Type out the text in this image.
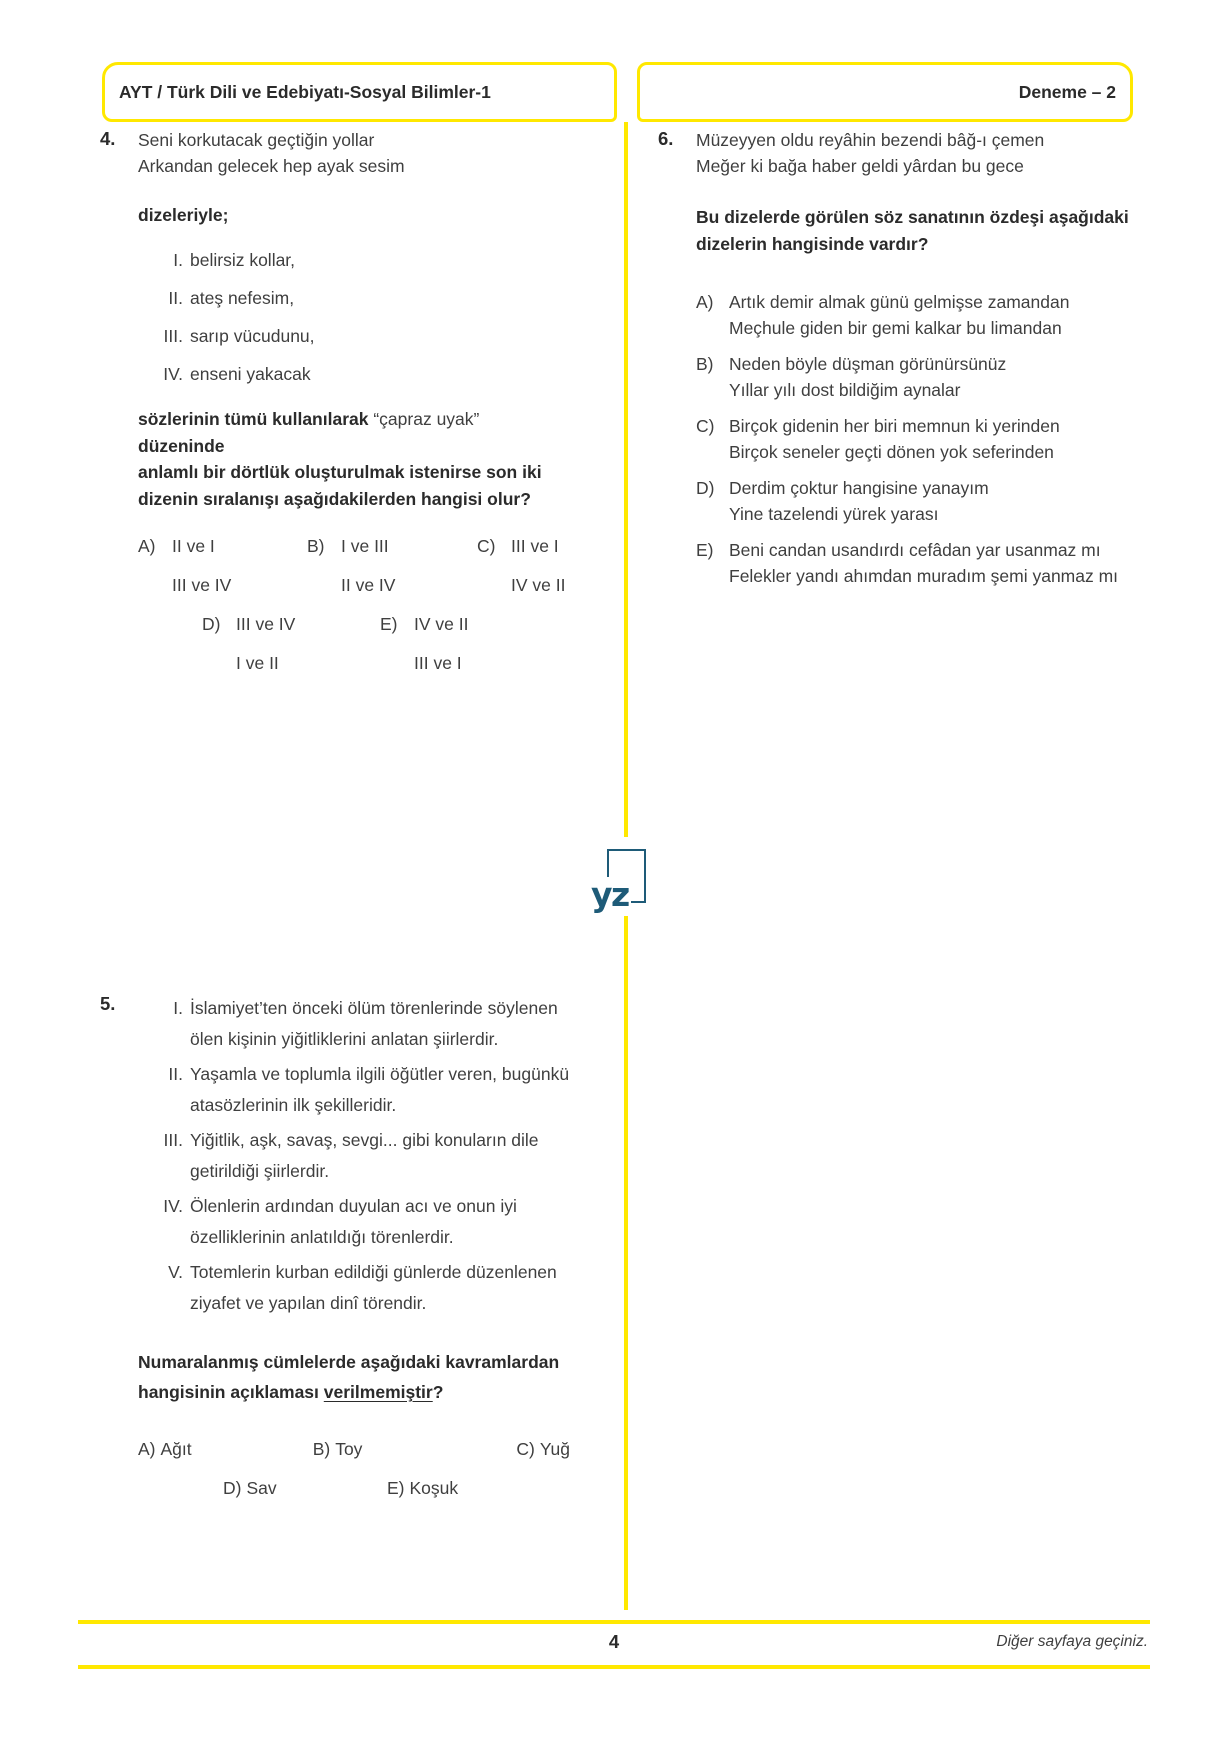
AYT / Türk Dili ve Edebiyatı-Sosyal Bilimler-1	Deneme – 2
yz
4.	Seni korkutacak geçtiğin yollar
Arkandan gelecek hep ayak sesim
dizeleriyle;
I. belirsiz kollar,
II. ateş nefesim,
III. sarıp vücudunu,
IV. enseni yakacak
sözlerinin tümü kullanılarak “çapraz uyak” düzeninde
anlamlı bir dörtlük oluşturulmak istenirse son iki
dizenin sıralanışı aşağıdakilerden hangisi olur?
A) II ve I
III ve IV
B) I ve III
II ve IV
C) III ve I
IV ve II
D) III ve IV
I ve II
E) IV ve II
III ve I
6.	Müzeyyen oldu reyâhin bezendi bâğ-ı çemen
Meğer ki bağa haber geldi yârdan bu gece
Bu dizelerde görülen söz sanatının özdeşi aşağıdaki
dizelerin hangisinde vardır?
A) Artık demir almak günü gelmişse zamandan
Meçhule giden bir gemi kalkar bu limandan
B) Neden böyle düşman görünürsünüz
Yıllar yılı dost bildiğim aynalar
C) Birçok gidenin her biri memnun ki yerinden
Birçok seneler geçti dönen yok seferinden
D) Derdim çoktur hangisine yanayım
Yine tazelendi yürek yarası
E) Beni candan usandırdı cefâdan yar usanmaz mı
Felekler yandı ahımdan muradım şemi yanmaz mı
5.	I. İslamiyet’ten önceki ölüm törenlerinde söylenen
ölen kişinin yiğitliklerini anlatan şiirlerdir.
II. Yaşamla ve toplumla ilgili öğütler veren, bugünkü
atasözlerinin ilk şekilleridir.
III. Yiğitlik, aşk, savaş, sevgi... gibi konuların dile
getirildiği şiirlerdir.
IV. Ölenlerin ardından duyulan acı ve onun iyi
özelliklerinin anlatıldığı törenlerdir.
V. Totemlerin kurban edildiği günlerde düzenlenen
ziyafet ve yapılan dinî törendir.
Numaralanmış cümlelerde aşağıdaki kavramlardan
hangisinin açıklaması verilmemiştir?
A) Ağıt	B) Toy	C) Yuğ
D) Sav	E) Koşuk
4	Diğer sayfaya geçiniz.
